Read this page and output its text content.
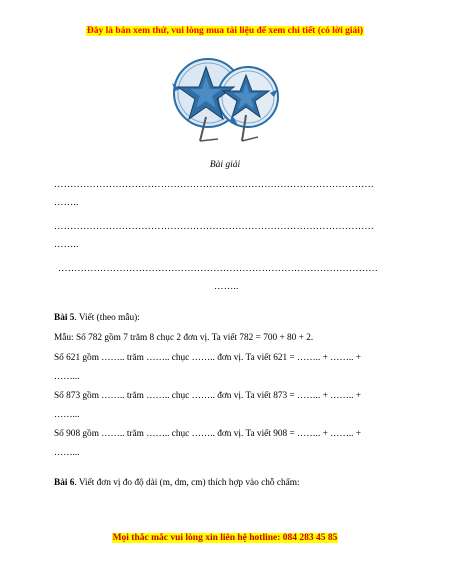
Đây là bản xem thử, vui lòng mua tài liệu để xem chi tiết (có lời giải)
Bài giải
………………………………………………………………………………………
……..
………………………………………………………………………………………
……..
………………………………………………………………………………………
……..
Bài 5. Viết (theo mẫu):
Mẫu: Số 782 gồm 7 trăm 8 chục 2 đơn vị. Ta viết 782 = 700 + 80 + 2.
Số 621 gồm …….. trăm …….. chục …….. đơn vị. Ta viết 621 = …….. + …….. +
……...
Số 873 gồm …….. trăm …….. chục …….. đơn vị. Ta viết 873 = …….. + …….. +
……...
Số 908 gồm …….. trăm …….. chục …….. đơn vị. Ta viết 908 = …….. + …….. +
……...
Bài 6. Viết đơn vị đo độ dài (m, dm, cm) thích hợp vào chỗ chấm:
Mọi thắc mắc vui lòng xin liên hệ hotline: 084 283 45 85
